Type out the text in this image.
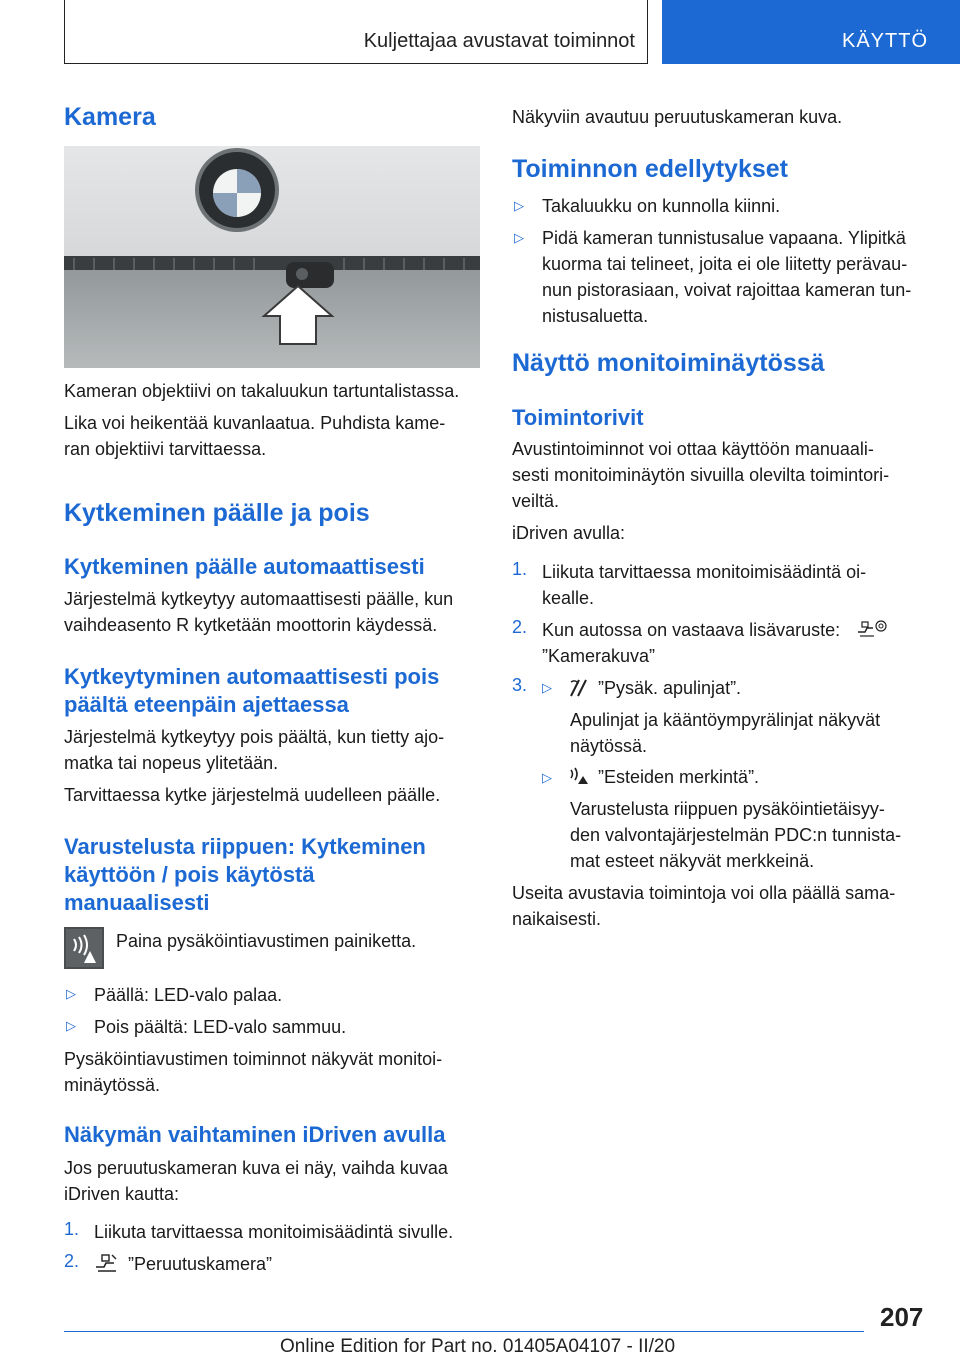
Kuljettajaa avustavat toiminnot	KÄYTTÖ
Kamera
Kameran objektiivi on takaluukun tartuntalistassa.
Lika voi heikentää kuvanlaatua. Puhdista kame-
ran objektiivi tarvittaessa.
Kytkeminen päälle ja pois
Kytkeminen päälle automaattisesti
Järjestelmä kytkeytyy automaattisesti päälle, kun
vaihdeasento R kytketään moottorin käydessä.
Kytkeytyminen automaattisesti pois
päältä eteenpäin ajettaessa
Järjestelmä kytkeytyy pois päältä, kun tietty ajo-
matka tai nopeus ylitetään.
Tarvittaessa kytke järjestelmä uudelleen päälle.
Varustelusta riippuen: Kytkeminen
käyttöön / pois käytöstä
manuaalisesti
Paina pysäköintiavustimen painiketta.
▷ Päällä: LED-valo palaa.
▷ Pois päältä: LED-valo sammuu.
Pysäköintiavustimen toiminnot näkyvät monitoi-
minäytössä.
Näkymän vaihtaminen iDriven avulla
Jos peruutuskameran kuva ei näy, vaihda kuvaa
iDriven kautta:
1. Liikuta tarvittaessa monitoimisäädintä sivulle.
2.	”Peruutuskamera”
Näkyviin avautuu peruutuskameran kuva.
Toiminnon edellytykset
▷ Takaluukku on kunnolla kiinni.
▷ Pidä kameran tunnistusalue vapaana. Ylipitkä
kuorma tai telineet, joita ei ole liitetty perävau-
nun pistorasiaan, voivat rajoittaa kameran tun-
nistusaluetta.
Näyttö monitoiminäytössä
Toimintorivit
Avustintoiminnot voi ottaa käyttöön manuaali-
sesti monitoiminäytön sivuilla olevilta toimintori-
veiltä.
iDriven avulla:
1. Liikuta tarvittaessa monitoimisäädintä oi-
kealle.
2. Kun autossa on vastaava lisävaruste:
”Kamerakuva”
3. ▷	”Pysäk. apulinjat”.
Apulinjat ja kääntöympyrälinjat näkyvät
näytössä.
▷	”Esteiden merkintä”.
Varustelusta riippuen pysäköintietäisyy-
den valvontajärjestelmän PDC:n tunnista-
mat esteet näkyvät merkkeinä.
Useita avustavia toimintoja voi olla päällä sama-
naikaisesti.
207
Online Edition for Part no. 01405A04107 - II/20
